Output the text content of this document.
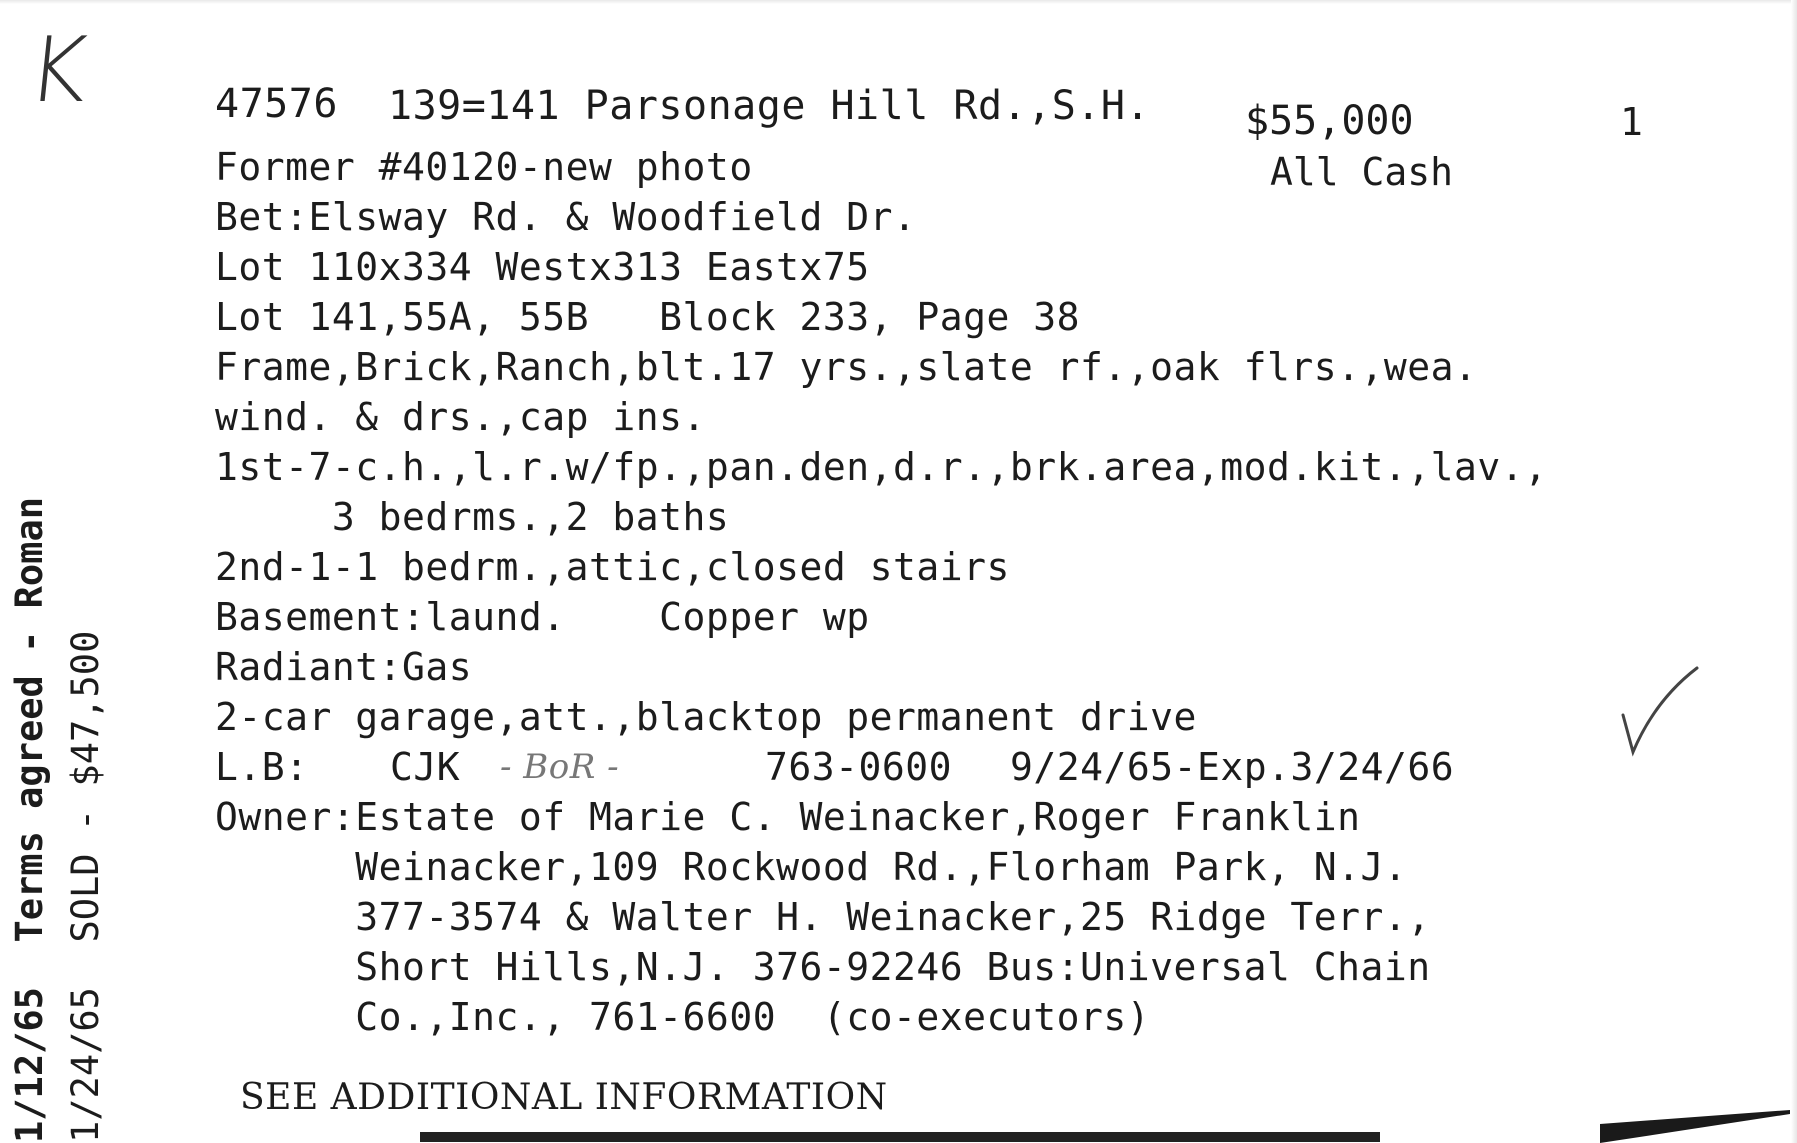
K	47576 139=141 Parsonage Hill Rd.,S.H. $55,000	1
All Cash
Former #40120-new photo
Bet:Elsway Rd. & Woodfield Dr.
Lot 110x334 Westx313 Eastx75
Lot 141,55A, 55B   Block 233, Page 38
Frame,Brick,Ranch,blt.17 yrs.,slate rf.,oak flrs.,wea.
wind. & drs.,cap ins.
1st-7-c.h.,l.r.w/fp.,pan.den,d.r.,brk.area,mod.kit.,lav.,
3 bedrms.,2 baths
2nd-1-1 bedrm.,attic,closed stairs
Basement:laund.    Copper wp
Radiant:Gas
2-car garage,att.,blacktop permanent drive
L.B: CJK - BoR -	763-0600 9/24/65-Exp.3/24/66
Owner:Estate of Marie C. Weinacker,Roger Franklin
Weinacker,109 Rockwood Rd.,Florham Park, N.J.
377-3574 & Walter H. Weinacker,25 Ridge Terr.,
Short Hills,N.J. 376-92246 Bus:Universal Chain
Co.,Inc., 761-6600  (co-executors)
SEE ADDITIONAL INFORMATION
1/12/65  Terms agreed - Roman 1/24/65  SOLD - $47,500
